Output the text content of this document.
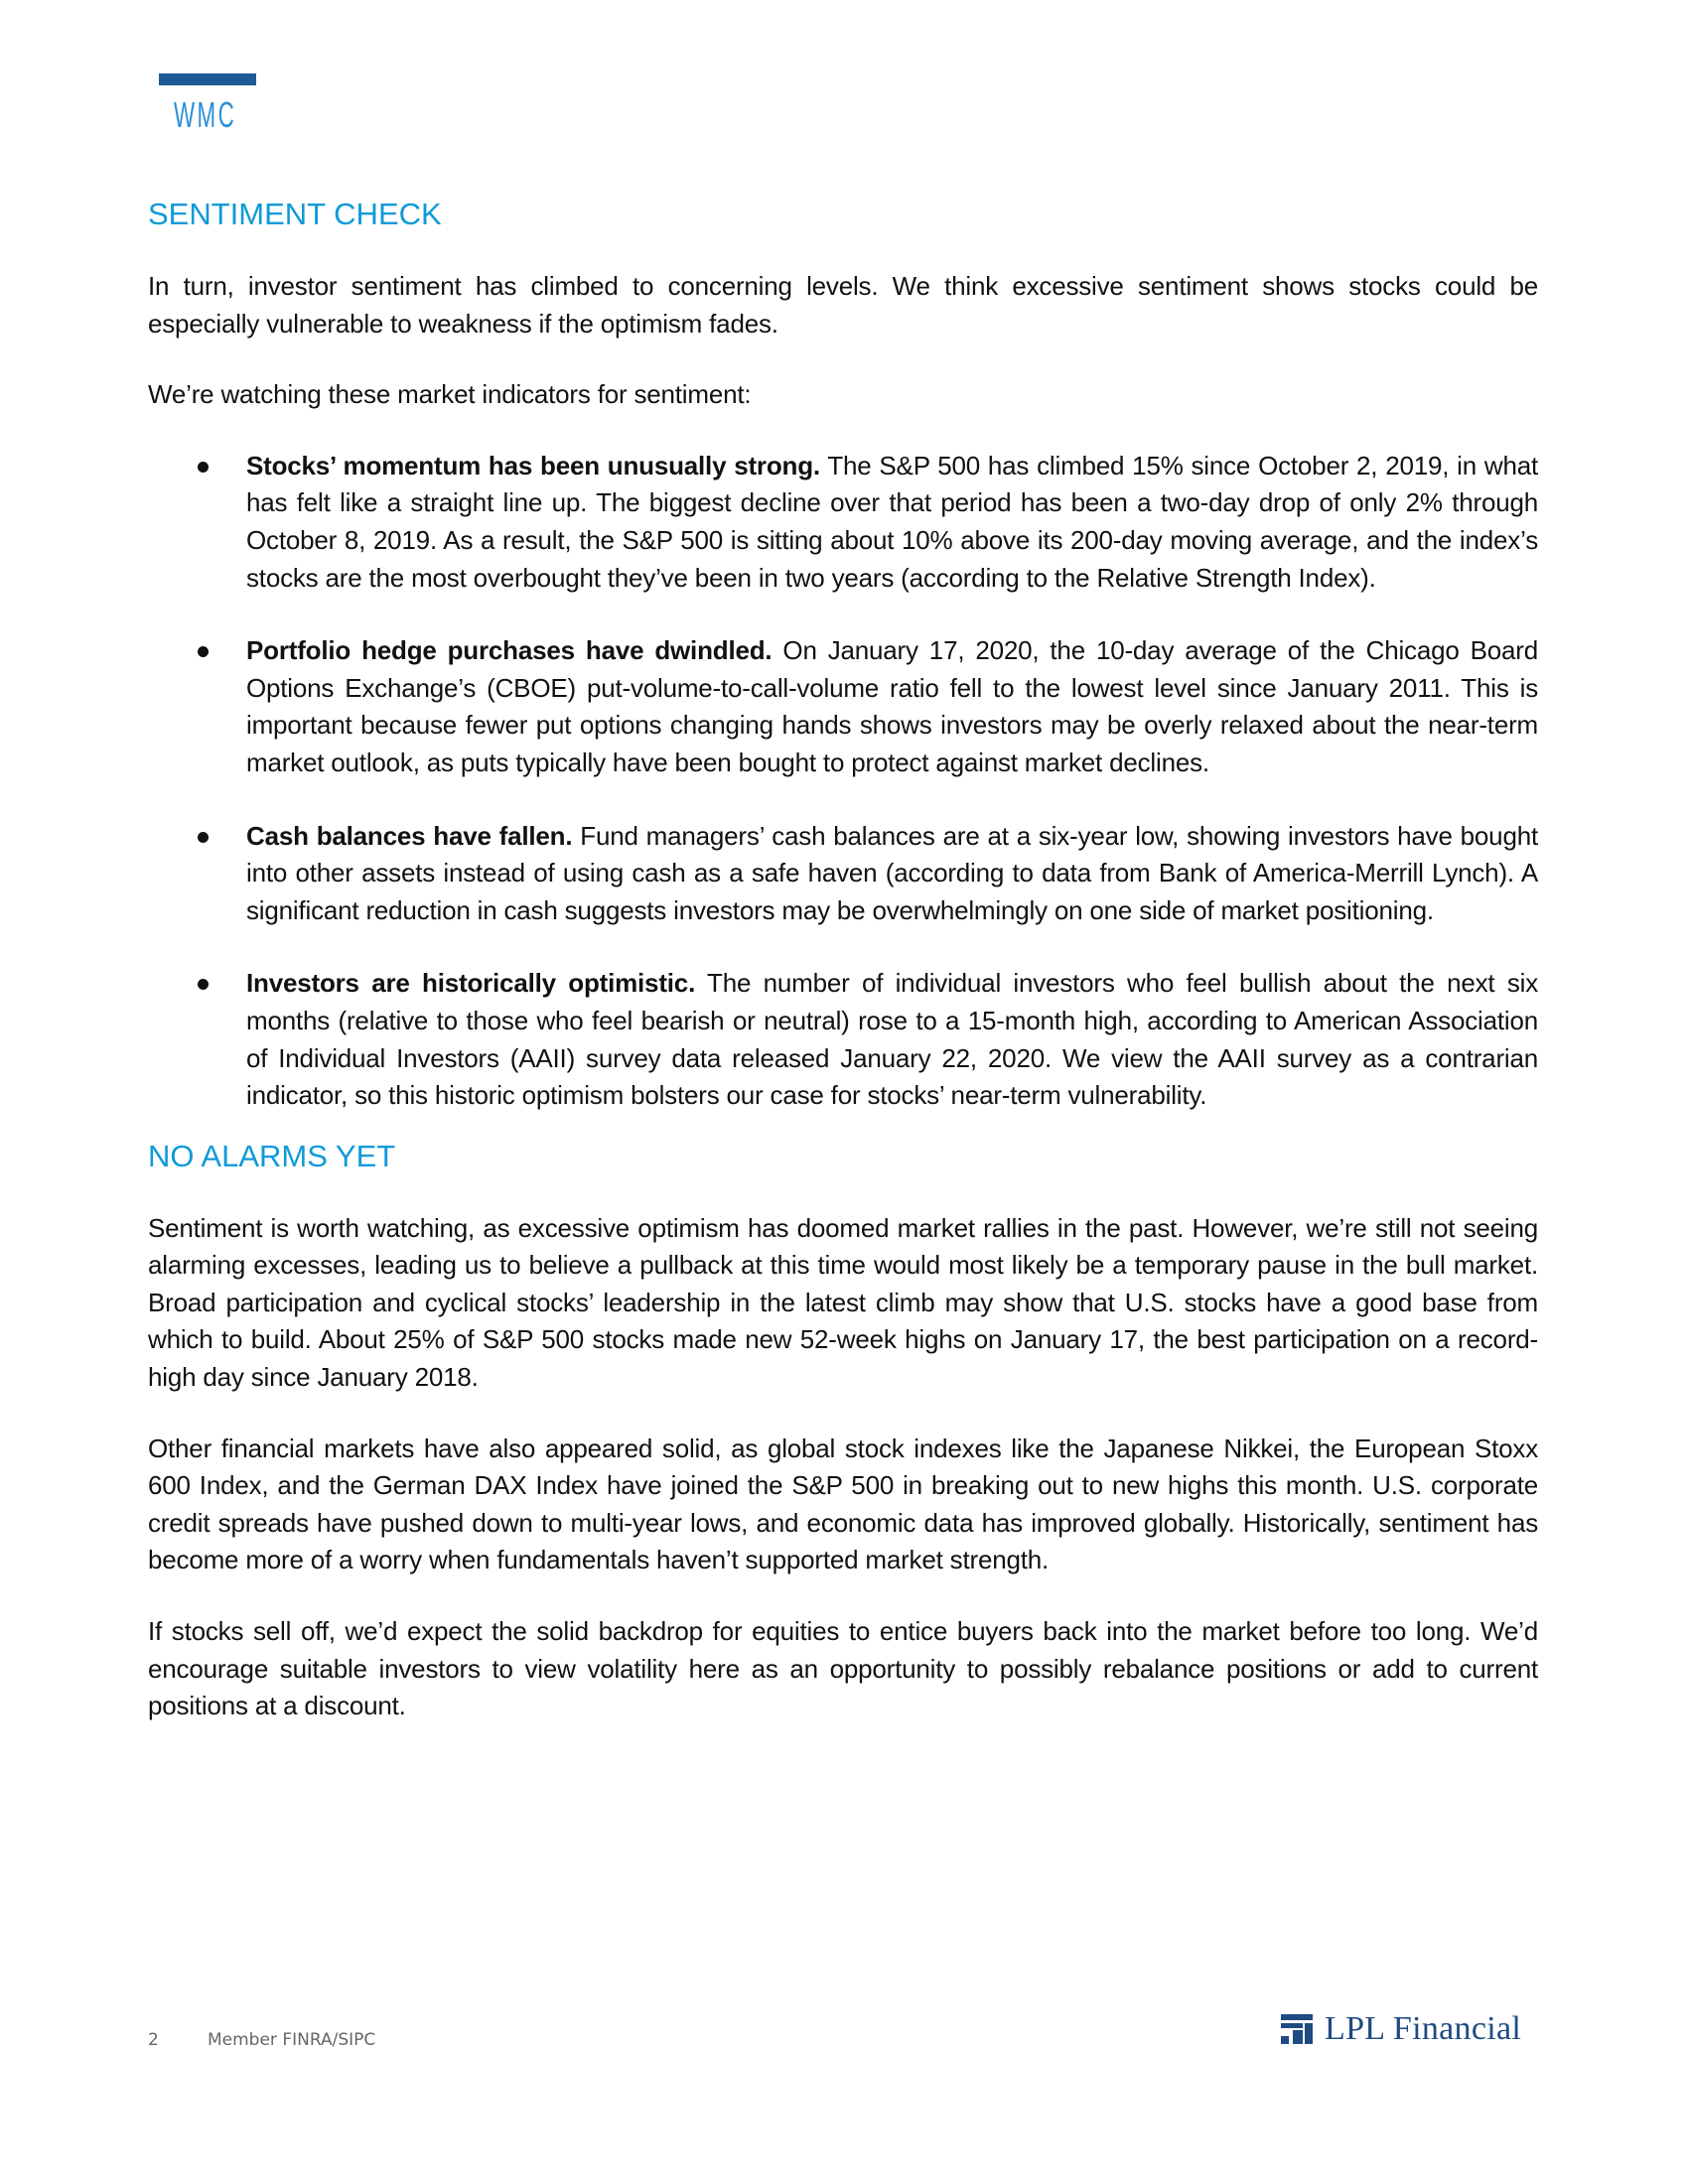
WMC
SENTIMENT CHECK

In turn, investor sentiment has climbed to concerning levels. We think excessive sentiment shows stocks could be especially vulnerable to weakness if the optimism fades.

We’re watching these market indicators for sentiment:

Stocks’ momentum has been unusually strong. The S&P 500 has climbed 15% since October 2, 2019, in what has felt like a straight line up. The biggest decline over that period has been a two-day drop of only 2% through October 8, 2019. As a result, the S&P 500 is sitting about 10% above its 200-day moving average, and the index’s stocks are the most overbought they’ve been in two years (according to the Relative Strength Index).
Portfolio hedge purchases have dwindled. On January 17, 2020, the 10-day average of the Chicago Board Options Exchange’s (CBOE) put-volume-to-call-volume ratio fell to the lowest level since January 2011. This is important because fewer put options changing hands shows investors may be overly relaxed about the near-term market outlook, as puts typically have been bought to protect against market declines.
Cash balances have fallen. Fund managers’ cash balances are at a six-year low, showing investors have bought into other assets instead of using cash as a safe haven (according to data from Bank of America-Merrill Lynch). A significant reduction in cash suggests investors may be overwhelmingly on one side of market positioning.
Investors are historically optimistic. The number of individual investors who feel bullish about the next six months (relative to those who feel bearish or neutral) rose to a 15-month high, according to American Association of Individual Investors (AAII) survey data released January 22, 2020. We view the AAII survey as a contrarian indicator, so this historic optimism bolsters our case for stocks’ near-term vulnerability.
NO ALARMS YET

Sentiment is worth watching, as excessive optimism has doomed market rallies in the past. However, we’re still not seeing alarming excesses, leading us to believe a pullback at this time would most likely be a temporary pause in the bull market. Broad participation and cyclical stocks’ leadership in the latest climb may show that U.S. stocks have a good base from which to build. About 25% of S&P 500 stocks made new 52-week highs on January 17, the best participation on a record-high day since January 2018.

Other financial markets have also appeared solid, as global stock indexes like the Japanese Nikkei, the European Stoxx 600 Index, and the German DAX Index have joined the S&P 500 in breaking out to new highs this month. U.S. corporate credit spreads have pushed down to multi-year lows, and economic data has improved globally. Historically, sentiment has become more of a worry when fundamentals haven’t supported market strength.

If stocks sell off, we’d expect the solid backdrop for equities to entice buyers back into the market before too long. We’d encourage suitable investors to view volatility here as an opportunity to possibly rebalance positions or add to current positions at a discount.

2	Member FINRA/SIPC	LPL Financial
